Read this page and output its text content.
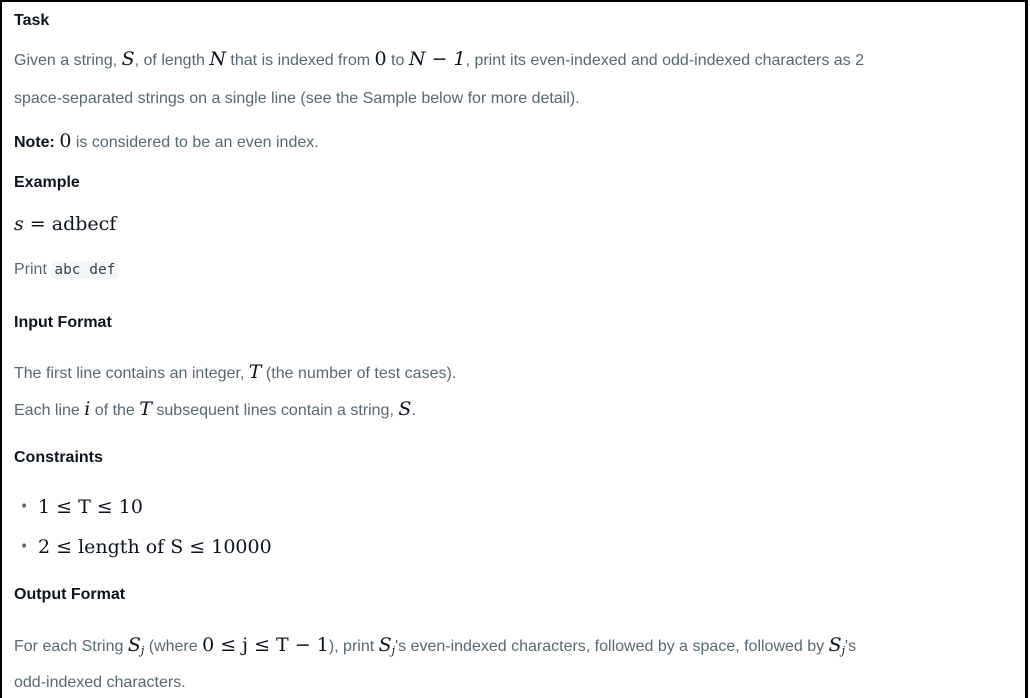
Task
Given a string, S, of length N that is indexed from 0 to N − 1, print its even-indexed and odd-indexed characters as 2
space-separated strings on a single line (see the Sample below for more detail).
Note: 0 is considered to be an even index.
Example
s = adbecf
Print abc def
Input Format
The first line contains an integer, T (the number of test cases).
Each line i of the T subsequent lines contain a string, S.
Constraints
• 1 ≤ T ≤ 10
• 2 ≤ length of S ≤ 10000
Output Format
For each String $S_j$ (where 0 ≤ j ≤ T − 1), print $S_j's$ even-indexed characters, followed by a space, followed by $S_j's$
odd-indexed characters.
